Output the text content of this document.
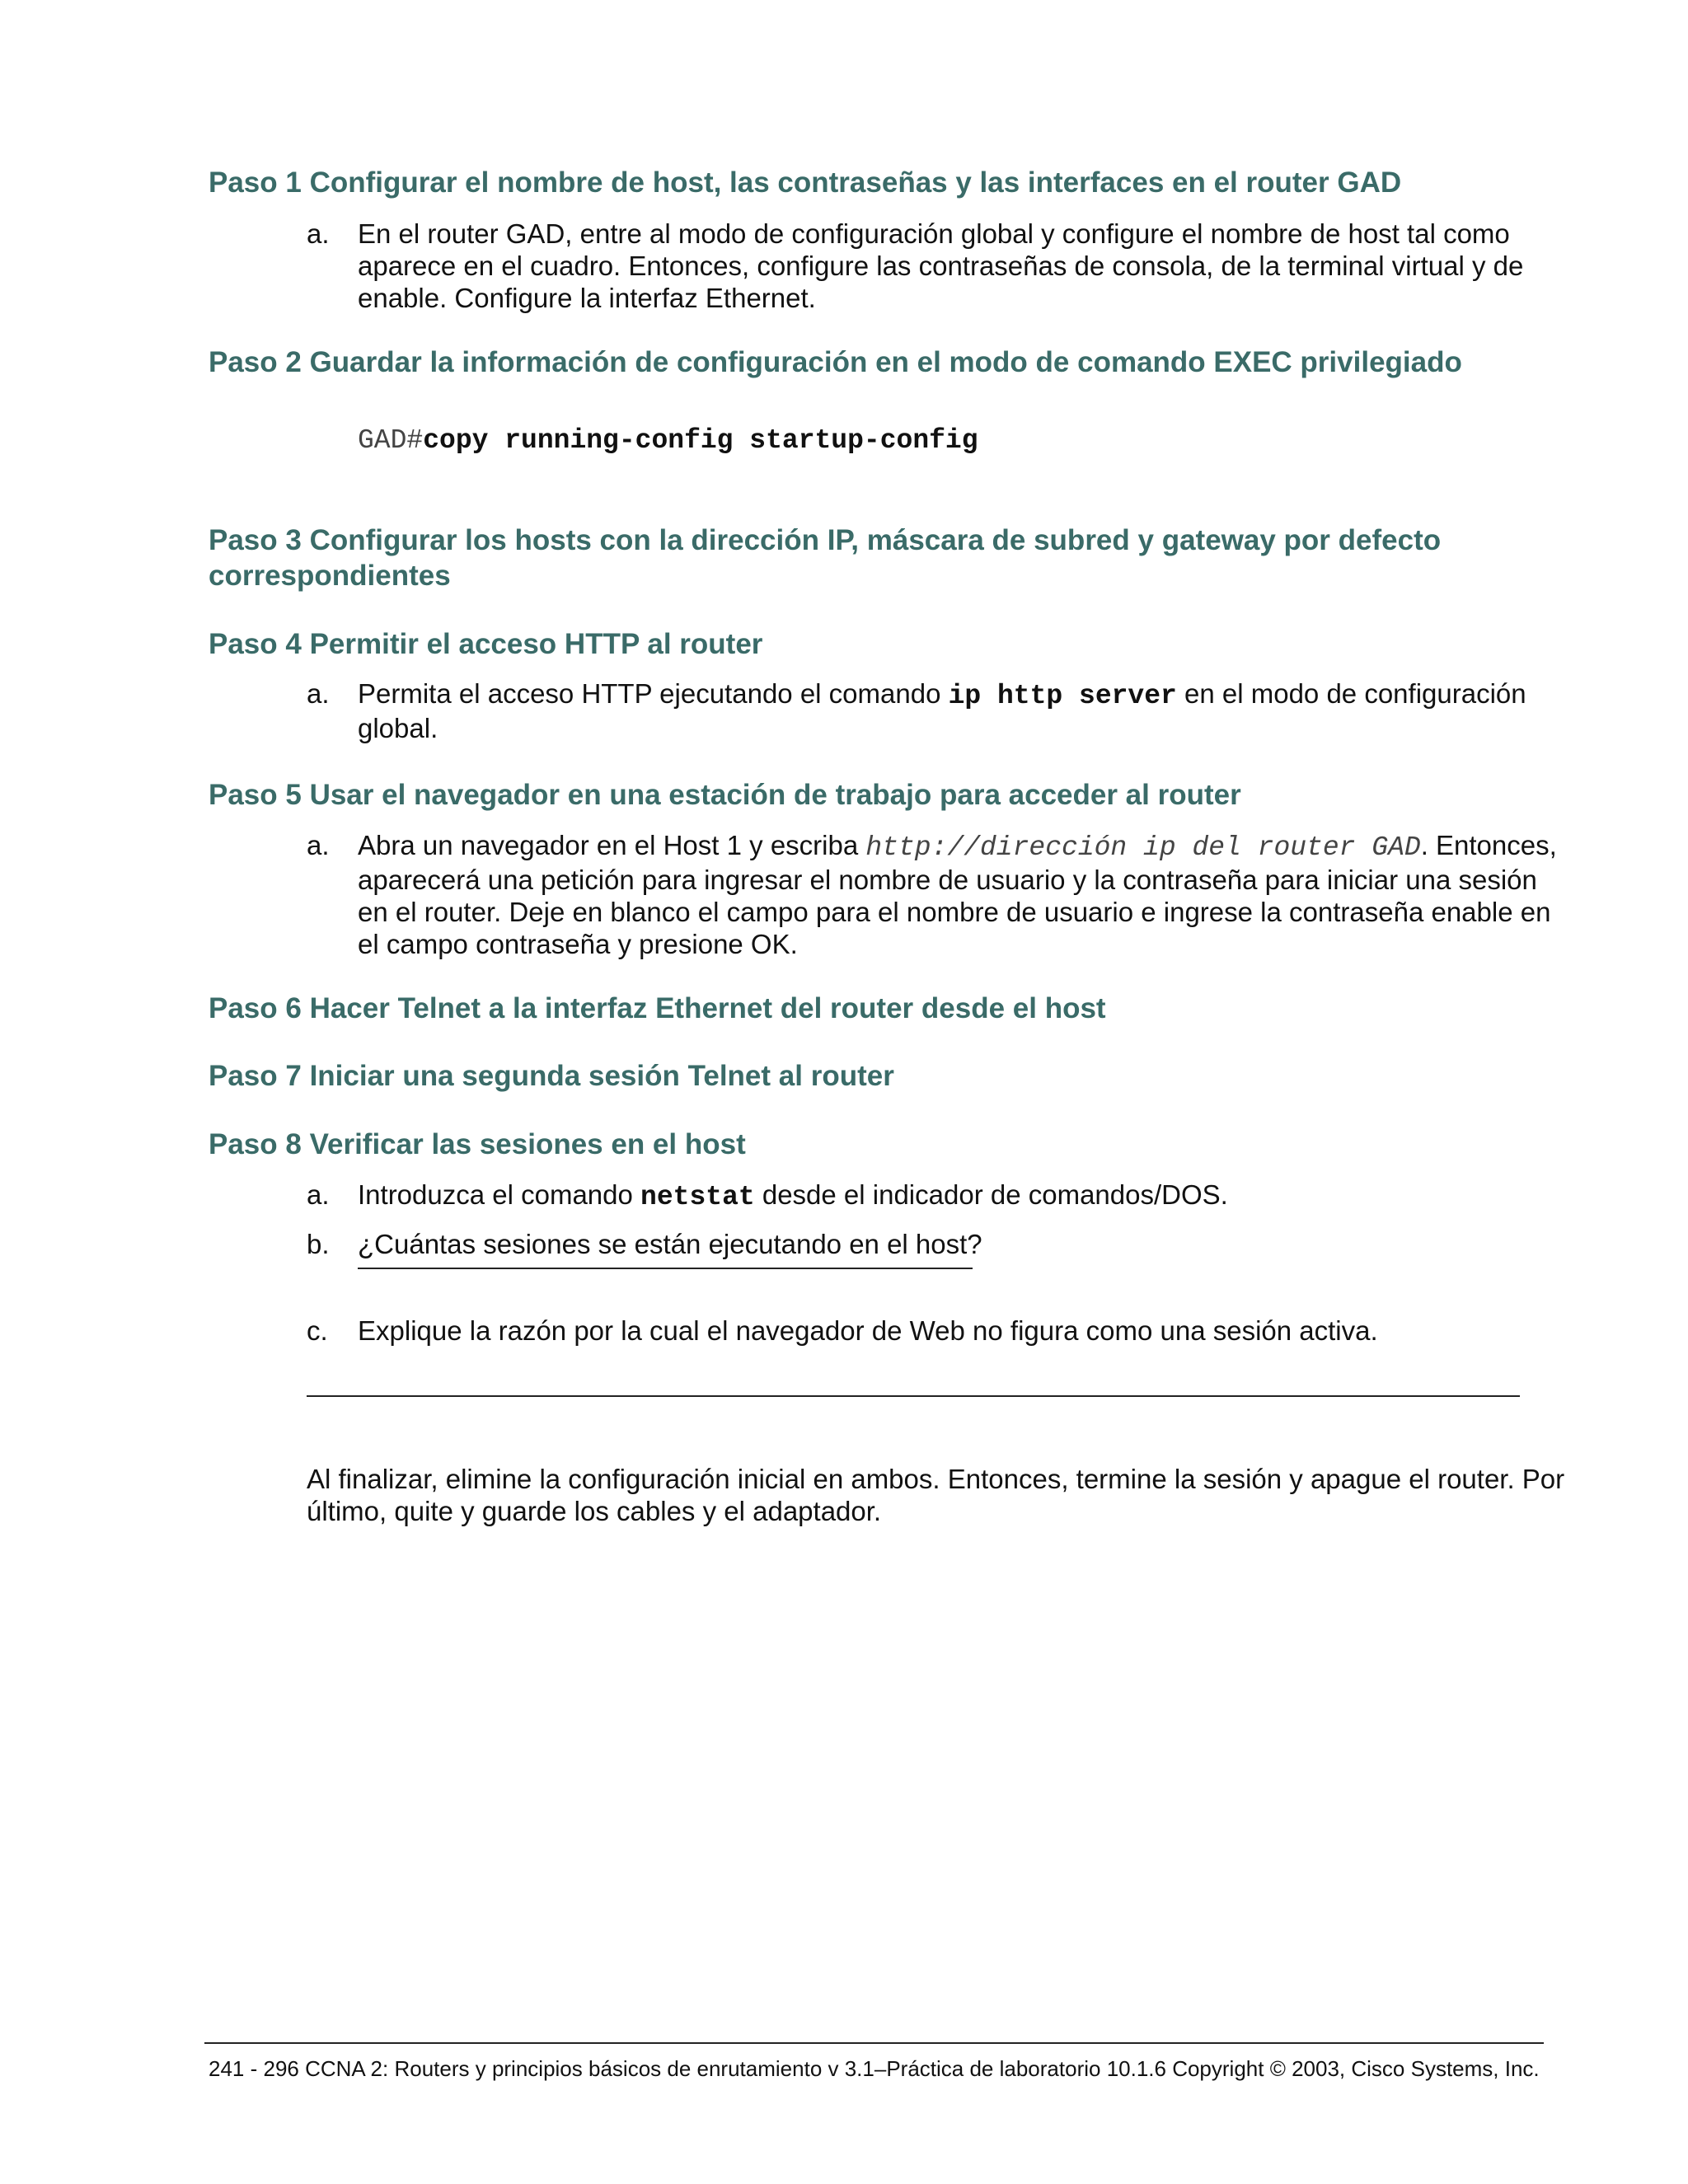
Paso 1 Configurar el nombre de host, las contraseñas y las interfaces en el router GAD
a. En el router GAD, entre al modo de configuración global y configure el nombre de host tal como aparece en el cuadro. Entonces, configure las contraseñas de consola, de la terminal virtual y de enable. Configure la interfaz Ethernet.
Paso 2 Guardar la información de configuración en el modo de comando EXEC privilegiado
GAD#copy running-config startup-config
Paso 3 Configurar los hosts con la dirección IP, máscara de subred y gateway por defecto correspondientes
Paso 4 Permitir el acceso HTTP al router
a. Permita el acceso HTTP ejecutando el comando ip http server en el modo de configuración global.
Paso 5 Usar el navegador en una estación de trabajo para acceder al router
a. Abra un navegador en el Host 1 y escriba http://dirección ip del router GAD. Entonces, aparecerá una petición para ingresar el nombre de usuario y la contraseña para iniciar una sesión en el router. Deje en blanco el campo para el nombre de usuario e ingrese la contraseña enable en el campo contraseña y presione OK.
Paso 6 Hacer Telnet a la interfaz Ethernet del router desde el host
Paso 7 Iniciar una segunda sesión Telnet al router
Paso 8 Verificar las sesiones en el host
a. Introduzca el comando netstat desde el indicador de comandos/DOS.
b. ¿Cuántas sesiones se están ejecutando en el host?
c. Explique la razón por la cual el navegador de Web no figura como una sesión activa.
Al finalizar, elimine la configuración inicial en ambos. Entonces, termine la sesión y apague el router. Por último, quite y guarde los cables y el adaptador.
241 - 296 CCNA 2: Routers y principios básicos de enrutamiento v 3.1–Práctica de laboratorio 10.1.6 Copyright © 2003, Cisco Systems, Inc.
